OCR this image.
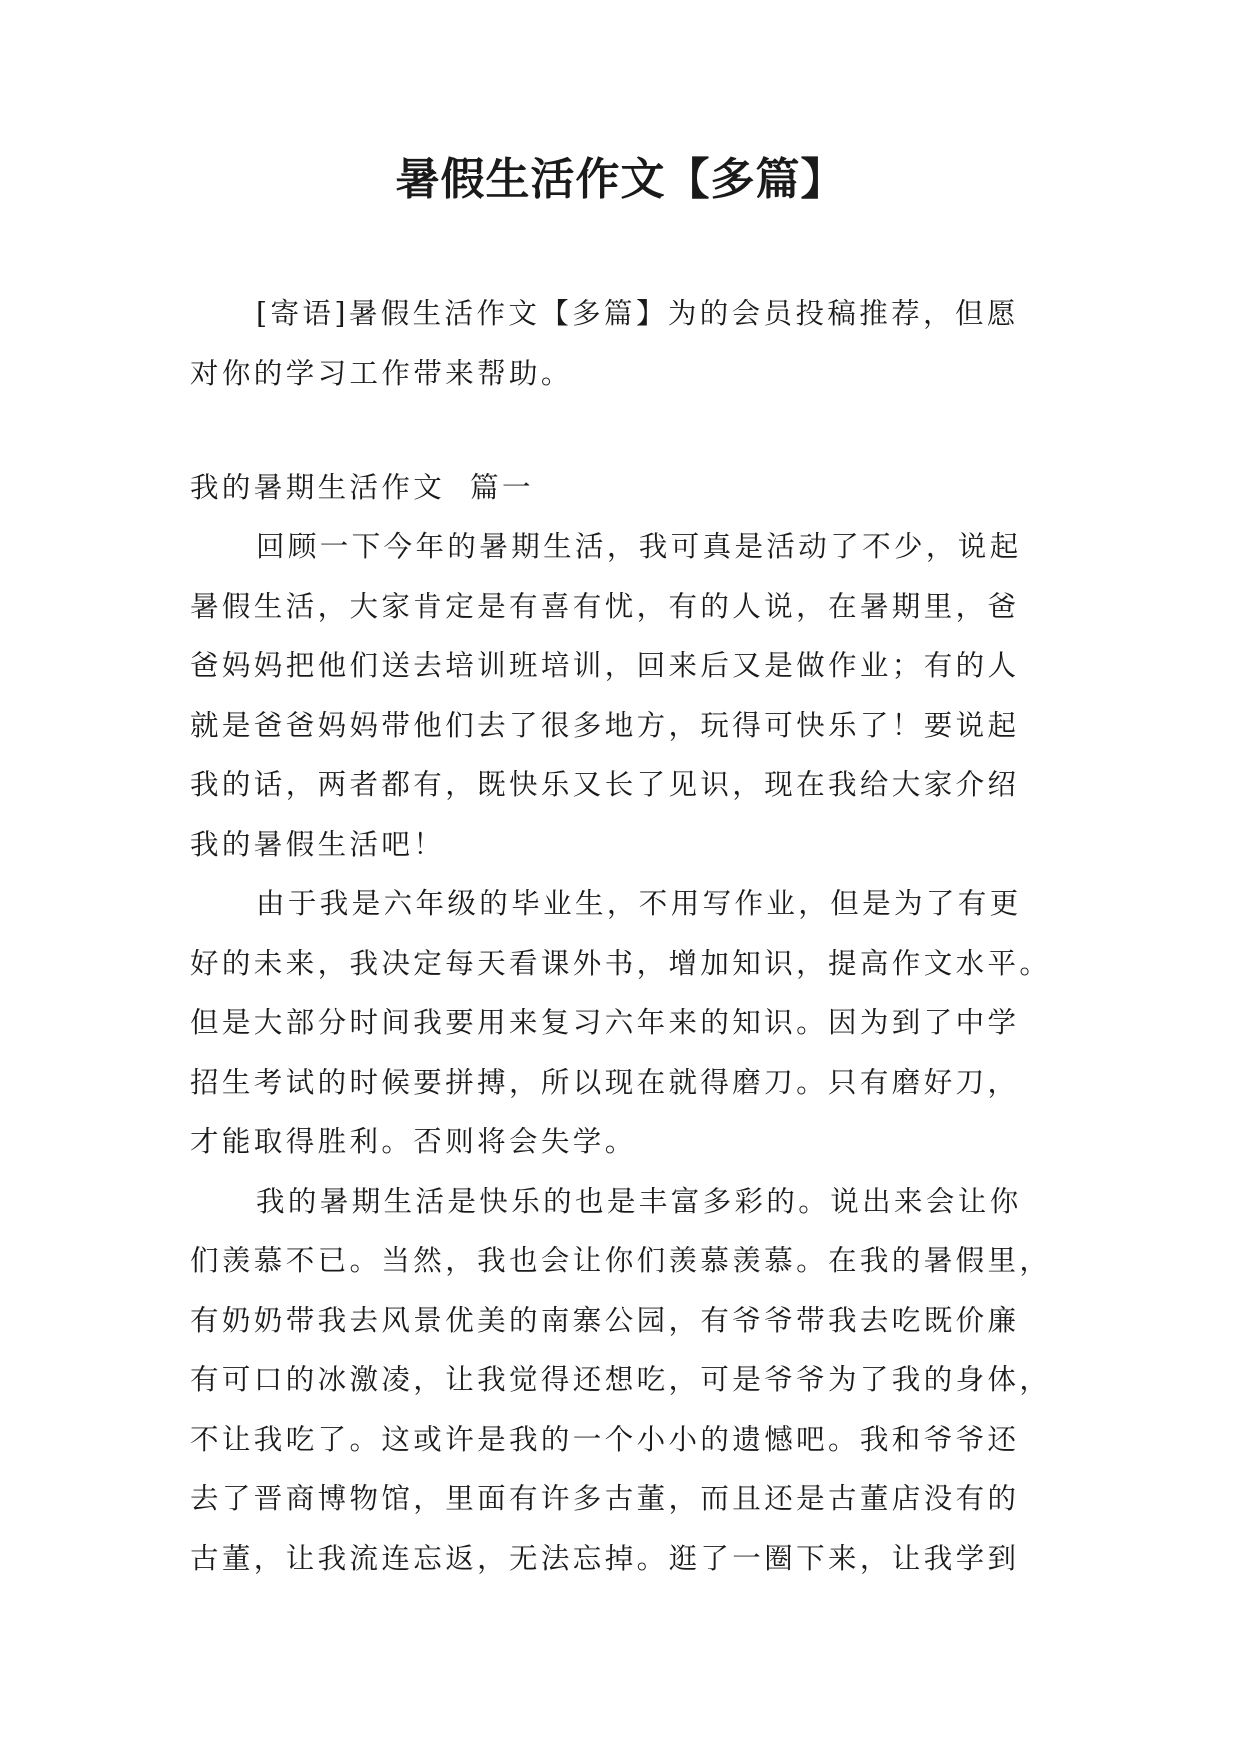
暑假生活作文【多篇】
[寄语]暑假生活作文【多篇】为的会员投稿推荐，但愿
对你的学习工作带来帮助。
我的暑期生活作文  篇一
回顾一下今年的暑期生活，我可真是活动了不少，说起
暑假生活，大家肯定是有喜有忧，有的人说，在暑期里，爸
爸妈妈把他们送去培训班培训，回来后又是做作业；有的人
就是爸爸妈妈带他们去了很多地方，玩得可快乐了！要说起
我的话，两者都有，既快乐又长了见识，现在我给大家介绍
我的暑假生活吧！
由于我是六年级的毕业生，不用写作业，但是为了有更
好的未来，我决定每天看课外书，增加知识，提高作文水平。
但是大部分时间我要用来复习六年来的知识。因为到了中学
招生考试的时候要拼搏，所以现在就得磨刀。只有磨好刀，
才能取得胜利。否则将会失学。
我的暑期生活是快乐的也是丰富多彩的。说出来会让你
们羡慕不已。当然，我也会让你们羡慕羡慕。在我的暑假里，
有奶奶带我去风景优美的南寨公园，有爷爷带我去吃既价廉
有可口的冰激凌，让我觉得还想吃，可是爷爷为了我的身体，
不让我吃了。这或许是我的一个小小的遗憾吧。我和爷爷还
去了晋商博物馆，里面有许多古董，而且还是古董店没有的
古董，让我流连忘返，无法忘掉。逛了一圈下来，让我学到
